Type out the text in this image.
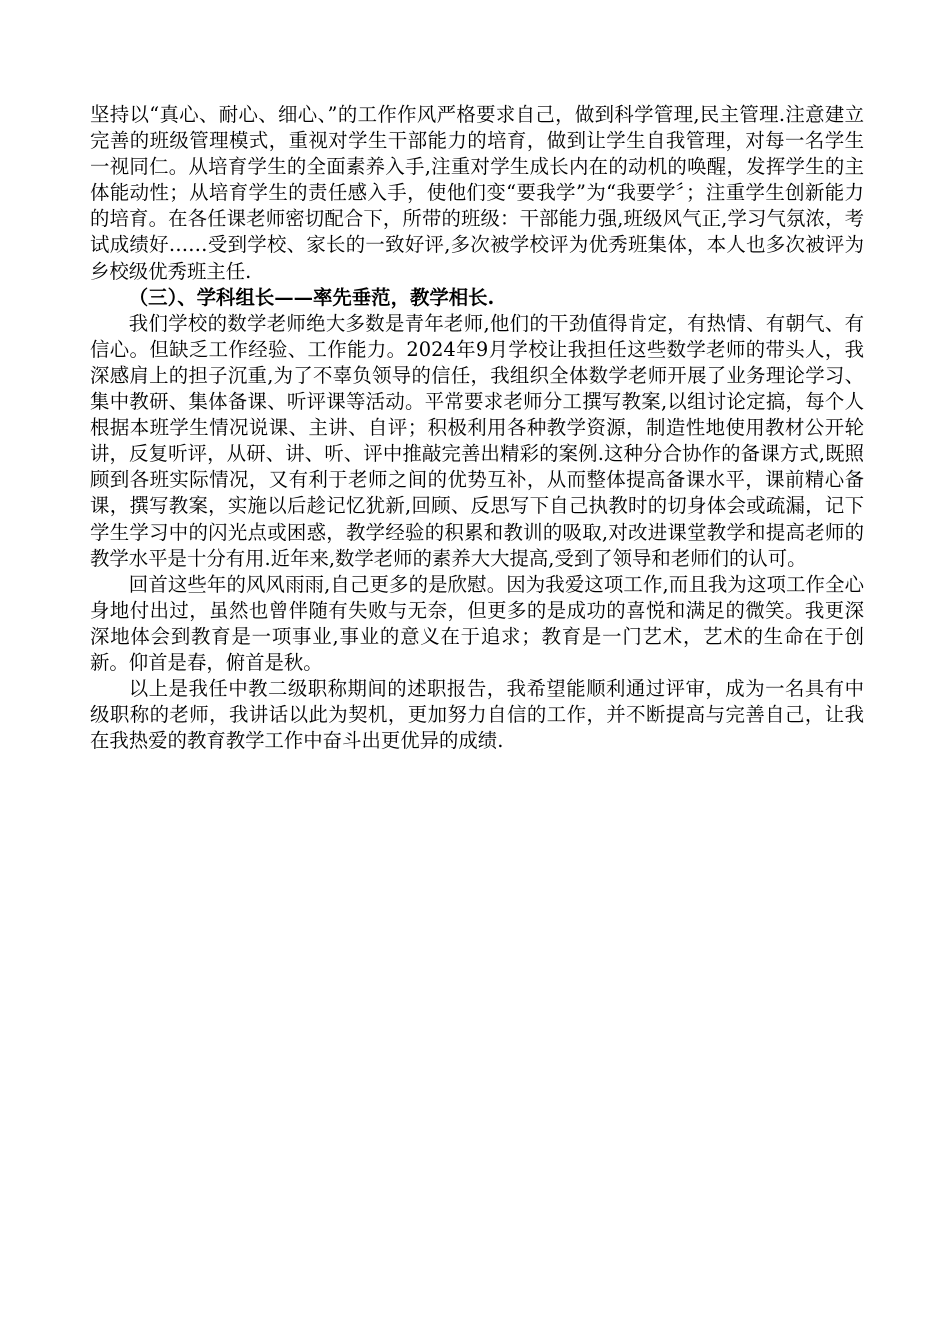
坚持以“真心、耐心、细心、”的工作作风严格要求自己，做到科学管理,民主管理.注意建立完善的班级管理模式，重视对学生干部能力的培育，做到让学生自我管理，对每一名学生一视同仁。从培育学生的全面素养入手,注重对学生成长内在的动机的唤醒，发挥学生的主体能动性；从培育学生的责任感入手，使他们变“要我学”为“我要学〞；注重学生创新能力的培育。在各任课老师密切配合下，所带的班级：干部能力强,班级风气正,学习气氛浓，考试成绩好……受到学校、家长的一致好评,多次被学校评为优秀班集体，本人也多次被评为乡校级优秀班主任.

（三）、学科组长——率先垂范，教学相长.

我们学校的数学老师绝大多数是青年老师,他们的干劲值得肯定，有热情、有朝气、有信心。但缺乏工作经验、工作能力。2024年9月学校让我担任这些数学老师的带头人，我深感肩上的担子沉重,为了不辜负领导的信任，我组织全体数学老师开展了业务理论学习、集中教研、集体备课、听评课等活动。平常要求老师分工撰写教案,以组讨论定搞，每个人根据本班学生情况说课、主讲、自评；积极利用各种教学资源，制造性地使用教材公开轮讲，反复听评，从研、讲、听、评中推敲完善出精彩的案例.这种分合协作的备课方式,既照顾到各班实际情况，又有利于老师之间的优势互补，从而整体提高备课水平，课前精心备课，撰写教案，实施以后趁记忆犹新,回顾、反思写下自己执教时的切身体会或疏漏，记下学生学习中的闪光点或困惑，教学经验的积累和教训的吸取,对改进课堂教学和提高老师的教学水平是十分有用.近年来,数学老师的素养大大提高,受到了领导和老师们的认可。

回首这些年的风风雨雨,自己更多的是欣慰。因为我爱这项工作,而且我为这项工作全心身地付出过，虽然也曾伴随有失败与无奈，但更多的是成功的喜悦和满足的微笑。我更深深地体会到教育是一项事业,事业的意义在于追求；教育是一门艺术，艺术的生命在于创新。仰首是春，俯首是秋。

以上是我任中教二级职称期间的述职报告，我希望能顺利通过评审，成为一名具有中级职称的老师，我讲话以此为契机，更加努力自信的工作，并不断提高与完善自己，让我在我热爱的教育教学工作中奋斗出更优异的成绩.
